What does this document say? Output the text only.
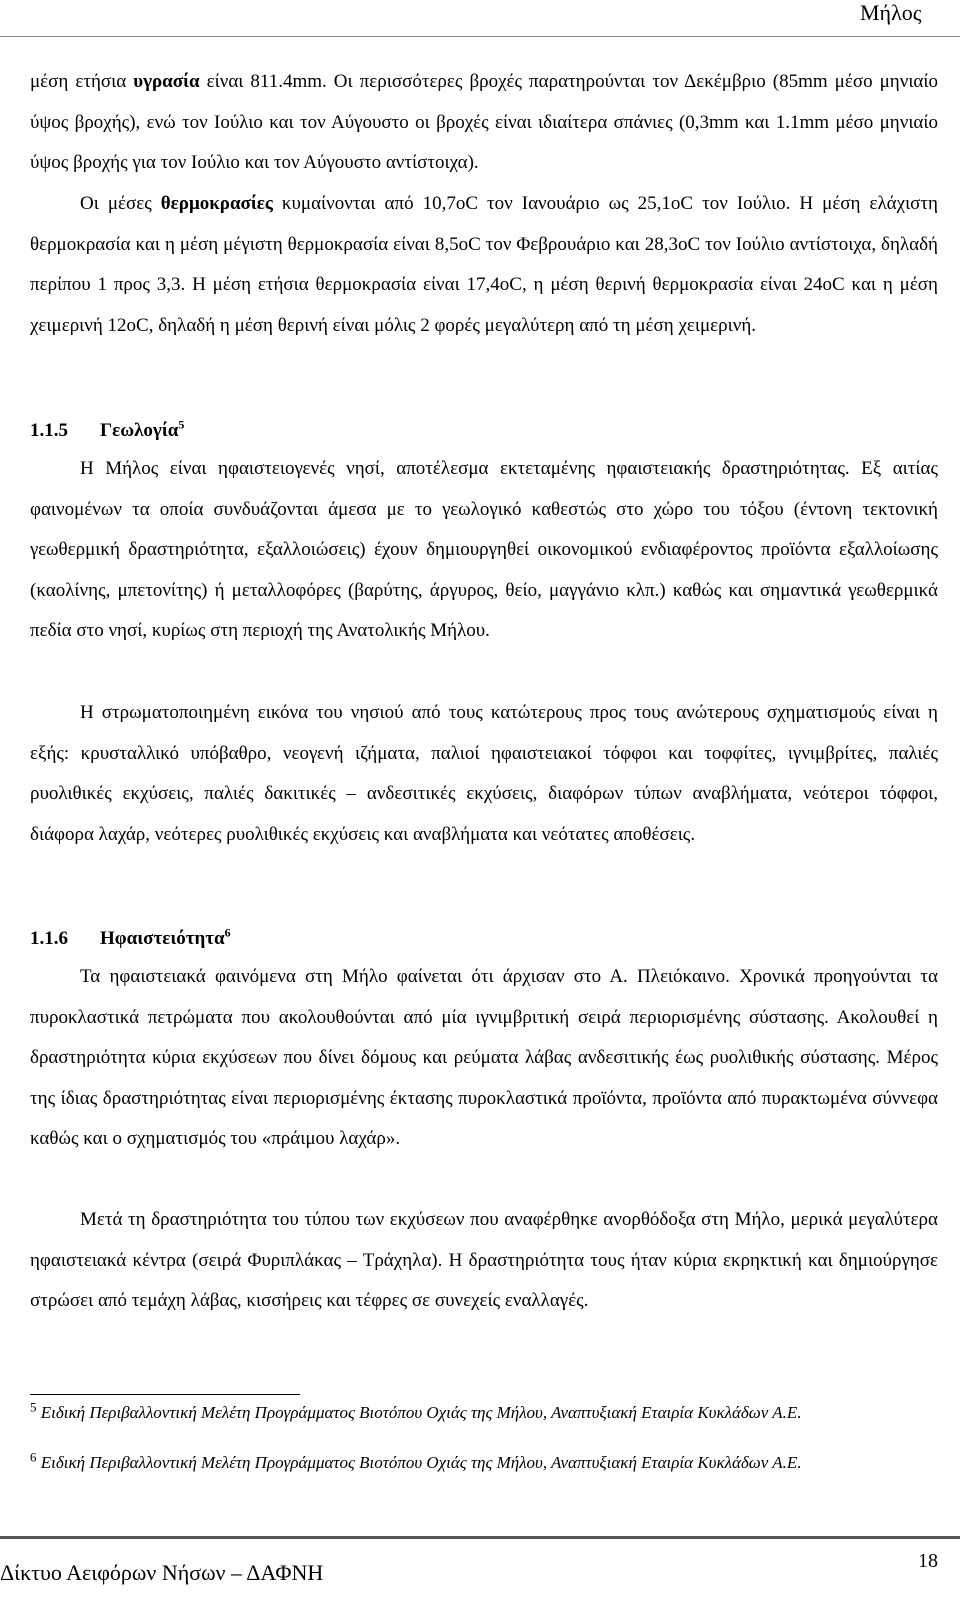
Μήλος
μέση ετήσια υγρασία είναι 811.4mm. Οι περισσότερες βροχές παρατηρούνται τον Δεκέμβριο (85mm μέσο μηνιαίο ύψος βροχής), ενώ τον Ιούλιο και τον Αύγουστο οι βροχές είναι ιδιαίτερα σπάνιες (0,3mm και 1.1mm μέσο μηνιαίο ύψος βροχής για τον Ιούλιο και τον Αύγουστο αντίστοιχα).
Οι μέσες θερμοκρασίες κυμαίνονται από 10,7oC τον Ιανουάριο ως 25,1oC τον Ιούλιο. Η μέση ελάχιστη θερμοκρασία και η μέση μέγιστη θερμοκρασία είναι 8,5oC τον Φεβρουάριο και 28,3oC τον Ιούλιο αντίστοιχα, δηλαδή περίπου 1 προς 3,3. Η μέση ετήσια θερμοκρασία είναι 17,4oC, η μέση θερινή θερμοκρασία είναι 24oC και η μέση χειμερινή 12oC, δηλαδή η μέση θερινή είναι μόλις 2 φορές μεγαλύτερη από τη μέση χειμερινή.
1.1.5 Γεωλογία$^5$
Η Μήλος είναι ηφαιστειογενές νησί, αποτέλεσμα εκτεταμένης ηφαιστειακής δραστηριότητας. Εξ αιτίας φαινομένων τα οποία συνδυάζονται άμεσα με το γεωλογικό καθεστώς στο χώρο του τόξου (έντονη τεκτονική γεωθερμική δραστηριότητα, εξαλλοιώσεις) έχουν δημιουργηθεί οικονομικού ενδιαφέροντος προϊόντα εξαλλοίωσης (καολίνης, μπετονίτης) ή μεταλλοφόρες (βαρύτης, άργυρος, θείο, μαγγάνιο κλπ.) καθώς και σημαντικά γεωθερμικά πεδία στο νησί, κυρίως στη περιοχή της Ανατολικής Μήλου.
Η στρωματοποιημένη εικόνα του νησιού από τους κατώτερους προς τους ανώτερους σχηματισμούς είναι η εξής: κρυσταλλικό υπόβαθρο, νεογενή ιζήματα, παλιοί ηφαιστειακοί τόφφοι και τοφφίτες, ιγνιμβρίτες, παλιές ρυολιθικές εκχύσεις, παλιές δακιτικές – ανδεσιτικές εκχύσεις, διαφόρων τύπων αναβλήματα, νεότεροι τόφφοι, διάφορα λαχάρ, νεότερες ρυολιθικές εκχύσεις και αναβλήματα και νεότατες αποθέσεις.
1.1.6 Ηφαιστειότητα$^6$
Τα ηφαιστειακά φαινόμενα στη Μήλο φαίνεται ότι άρχισαν στο Α. Πλειόκαινο. Χρονικά προηγούνται τα πυροκλαστικά πετρώματα που ακολουθούνται από μία ιγνιμβριτική σειρά περιορισμένης σύστασης. Ακολουθεί η δραστηριότητα κύρια εκχύσεων που δίνει δόμους και ρεύματα λάβας ανδεσιτικής έως ρυολιθικής σύστασης. Μέρος της ίδιας δραστηριότητας είναι περιορισμένης έκτασης πυροκλαστικά προϊόντα, προϊόντα από πυρακτωμένα σύννεφα καθώς και ο σχηματισμός του «πράιμου λαχάρ».
Μετά τη δραστηριότητα του τύπου των εκχύσεων που αναφέρθηκε ανορθόδοξα στη Μήλο, μερικά μεγαλύτερα ηφαιστειακά κέντρα (σειρά Φυριπλάκας – Τράχηλα). Η δραστηριότητα τους ήταν κύρια εκρηκτική και δημιούργησε στρώσει από τεμάχη λάβας, κισσήρεις και τέφρες σε συνεχείς εναλλαγές.
$^5$ Ειδική Περιβαλλοντική Μελέτη Προγράμματος Βιοτόπου Οχιάς της Μήλου, Αναπτυξιακή Εταιρία Κυκλάδων Α.Ε.
$^6$ Ειδική Περιβαλλοντική Μελέτη Προγράμματος Βιοτόπου Οχιάς της Μήλου, Αναπτυξιακή Εταιρία Κυκλάδων Α.Ε.
Δίκτυο Αειφόρων Νήσων – ΔΑΦΝΗ	18
